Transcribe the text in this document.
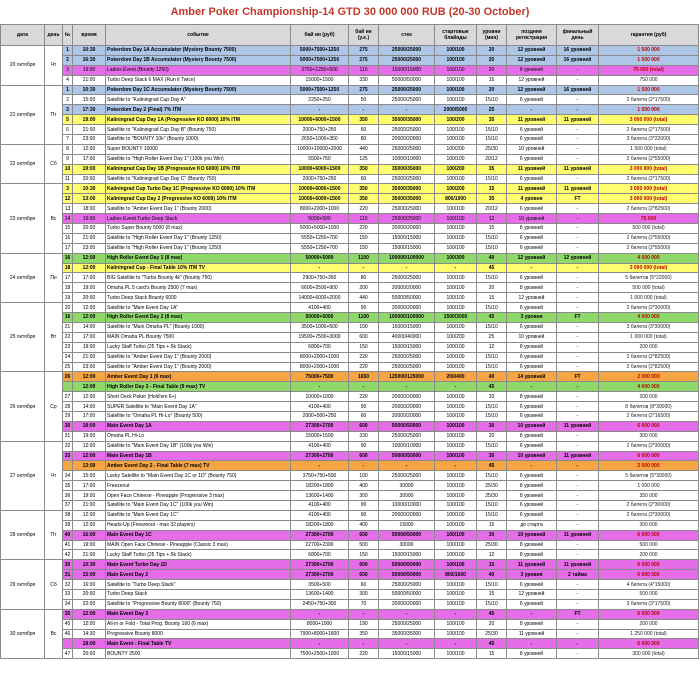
Amber Poker Championship-14 GTD 30 000 000 RUB (20-30 October)
дата	день	№	время	событие	бай ин (руб)	бай ин (у.е.)	стек	стартовые блайнды	уровни (мин)	поздняя регистрация	финальный день	гарантия (руб)
20 октября	Чт	1	10:30	Pokerdom Day 1A Accumulator (Mystery Bounty 7500)	5000+7500+1250	275	25000/25000	100/100	20	12 уровней	16 уровней	1 500 000
		2	16:30	Pokerdom Day 1B Accumulator (Mystery Bounty 7500)	5000+7500+1250	275	25000/25000	100/100	20	12 уровней	16 уровней	1 500 000
		3	19:00	Ladies Event (Bounty 1250)	3750+1250+500	110	15000/15000	100/100	20	8 уровней	-	75 000 (total)
		4	21:00	Turbo Deep Stack 6 MAX (Run it Twice)	15000+1500	330	50000/50000	100/100	15	12 уровней	-	750 000
21 октября	Пт	1	10:30	Pokerdom Day 1C Accumulator (Mystery Bounty 7500)	5000+7500+1250	275	25000/25000	100/100	20	12 уровней	16 уровней	1 500 000
		2	15:00	Satellite to "Kaliningrad Cup Day A"	2250+250	50	25000/25000	100/100	15/10	6 уровней	-	2 билета (2*17500)
		3	17:30	Pokerdom Day 2 (Final) 7% ITM	-	-	-	2000/5000	25	-	-	1 500 000
		5	19:00	Kaliningrad Cup Day 1A (Progressive KO 6000) 10% ITM	10000+6000+1500	350	35000/35000	100/200	35	11 уровней	11 уровней	3 000 000 (total)
		6	21:00	Satellite to "Kaliningrad Cup Day B" (Bounty 750)	2000+750+250	60	25000/25000	100/100	15/10	6 уровней	-	2 билета (2*17500)
		7	23:00	Satellite to "BOUNTY 10k" (Bounty 1000)	2650+1000+350	80	20000/20000	100/100	15/10	6 уровней	-	3 билета (3*22000)
22 октября	Сб	8	12:00	Super BOUNTY 10000	10000+10000+2000	440	25000/25000	100/200	25/30	10 уровней	-	1 500 000 (total)
		9	17:00	Satellite to "High Roller Event Day 1" (100k you Win)	5500+750	125	10000/10000	100/100	20/12	6 уровней	-	2 билета (2*55000)
		10	19:00	Kaliningrad Cup Day 1B (Progressive KO 6000) 10% ITM	10000+6000+1500	350	35000/35000	100/200	35	11 уровней	11 уровней	3 000 000 (total)
		11	20:00	Satellite to "Kaliningrad Cup Day C" (Bounty 750)	2000+750+250	60	25000/25000	100/100	15/10	6 уровней	-	2 билета (2*17500)
23 октября	Вс	3	10:30	Kaliningrad Cup Turbo Day 1C (Progressive KO 6000) 10% ITM	10000+6000+1500	350	35000/35000	100/200	15	11 уровней	11 уровней	3 000 000 (total)
		12	13:00	Kaliningrad Cup Day 2 (Progressive KO 6000) 10% ITM	10000+6000+1500	350	35000/35000	800/1000	35	4 уровня	FT	3 000 000 (total)
		13	18:00	Satellite to "Amber Event Day 1" (Bounty 2000)	8000+2000+1000	220	25000/25000	100/100	20/12	6 уровней	-	2 билета (2*82500)
		14	19:00	Ladies Event Turbo Deep Stack	5000+500	110	25000/25000	100/100	12	10 уровней	-	75 000
		15	20:00	Turbo Super Bounty 5000 (8 max)	5000+5000+1000	220	20000/20000	100/100	15	8 уровней	-	500 000 (total)
		16	21:00	Satellite to "High Roller Event Day 1" (Bounty 1250)	5550+1250+700	150	15000/15000	100/100	15/10	6 уровней	-	2 билета (2*55000)
		17	23:00	Satellite to "High Roller Event Day 1" (Bounty 1250)	5550+1250+700	150	15000/15000	100/100	15/10	6 уровней	-	2 билета (2*55000)
24 октября	Пн	16	12:00	High Roller Event Day 1 (8 max)	50000+5000	1100	100000/100000	100/300	40	12 уровней	12 уровней	4 000 000
		18	12:00	Kaliningrad Cup - Final Table 10% ITM TV	-	-	-	-	45	-	-	3 000 000 (total)
		17	17:00	BIG Satellite to "Turbo Bounty 4k" (Bounty 750)	2900+750+350	80	25000/25000	100/100	15/10	6 уровней	-	5 билетов (5*22000)
		18	19:00	Omaha PL 5 card's Bounty 2500 (7 max)	6600+2500+900	200	20000/20000	100/100	20	8 уровней	-	500 000 (total)
		19	20:00	Turbo Deep Stack Bounty 6000	14000+6000+2000	440	50000/50000	100/100	15	12 уровней	-	1 000 000 (total)
25 октября	Вт	20	12:00	Satellite to "Main Event Day 1A"	4100+400	90	20000/20000	100/100	15/10	6 уровней	-	2 билета (2*30000)
		16	12:00	High Roller Event Day 2 (8 max)	50000+5000	1100	100000/100000	1500/3000	45	3 уровня	FT	4 000 000
		21	14:00	Satellite to "Main Omaha PL" (Bounty 1000)	3500+1000+500	100	15000/15000	100/100	15/10	6 уровней	-	3 билета (3*30000)
		22	17:00	MAIN Omaha PL Bounty 7500	19500+7500+3000	600	40000/40000	100/200	25	10 уровней	-	1 000 000 (total)
		23	19:00	Lucky Staff Turbo (25 Tips + 5k Stack)	6800+700	150	15000/15000	100/100	12	8 уровней	-	200 000
		24	21:00	Satellite to "Amber Event Day 1" (Bounty 2000)	8000+2000+1000	220	25000/25000	100/100	15/10	6 уровней	-	2 билета (2*82500)
		25	23:00	Satellite to "Amber Event Day 1" (Bounty 2000)	8000+2000+1000	220	25000/25000	100/100	15/10	6 уровней	-	2 билета (2*82500)
26 октября	Ср	26	12:00	Amber Event Day 1 (6 max)	75000+7500	1650	125000/125000	200/400	40	14 уровней	FT	2 000 000
			12:00	High Roller Day 3 - Final Table (9 max) TV	-	-	-	-	45	-	-	4 000 000
		27	12:00	Short Deck Poker (Hold'em 6+)	10000+1000	220	20000/20000	100/100	20	8 уровней	-	200 000
		28	14:00	SUPER Satellite to "Main Event Day 1A"	4100+400	90	20000/20000	100/100	15/10	6 уровней	-	8 билетов (8*30000)
		29	17:00	Satellite to "Omaha PL Hi-Lo" (Bounty 500)	2000+500+250	60	20000/20000	100/100	15/10	6 уровней	-	2 билета (2*16500)
		30	18:00	Main Event Day 1A	27300+2700	600	50000/50000	100/100	30	10 уровней	11 уровней	6 000 000
		31	19:00	Omaha PL Hi-Lo	15000+1500	330	25000/25000	100/100	20	8 уровней	-	300 000
27 октября	Чт	32	12:00	Satellite to "Main Event Day 1B" (100k you Win)	4100+400	90	10000/10000	100/100	15/10	6 уровней	-	2 билета (2*30000)
		33	12:00	Main Event Day 1B	27300+2700	600	50000/50000	100/100	30	10 уровней	11 уровней	6 000 000
			13:00	Amber Event Day 2 - Final Table (7 max) TV	-	-	-	-	45	-	-	2 000 000
		34	15:00	Lucky Satellite to "Main Event Day 1C or 1D" (Bounty 750)	3750+750+500	100	25000/25000	100/100	15/10	6 уровней	-	5 билетов (5*30000)
		35	17:00	Freezeout	18200+1800	400	30000	100/100	25/30	8 уровней	-	1 000 000
		36	19:00	Open Face Chinese - Pineapple (Progressive 3 max)	13600+1400	300	30000	100/100	25/30	8 уровней	-	350 000
		37	21:00	Satellite to "Main Event Day 1C" (100k you Win)	4100+400	90	10000/10000	100/100	15/10	6 уровней	-	2 билета (2*30000)
28 октября	Пт	38	12:00	Satellite to "Main Event Day 1C"	4100+400	90	20000/20000	100/100	15/10	6 уровней	-	2 билета (2*30000)
		39	12:00	Heads-Up (Freezeout - max 32 players)	18200+1800	400	15000	100/100	15	до старта	-	300 000
		40	16:00	Main Event Day 1C	27300+2700	600	50000/50000	100/100	30	10 уровней	11 уровней	6 000 000
		41	19:00	MAIN Open Face Chinese - Pineapple (Classic 3 max)	22700+2300	500	30000	100/100	25/30	8 уровней	-	500 000
		42	21:00	Lucky Staff Turbo (25 Tips + 5k Stack)	6800+700	150	15000/15000	100/100	12	8 уровней	-	200 000
29 октября	Сб	30	10:30	Main Event Turbo Day 1D	27300+2700	600	50000/50000	100/100	15	11 уровней	11 уровней	6 000 000
		31	15:00	Main Event Day 2	27300+2700	600	50000/50000	800/1600	40	3 уровня	2 тайма	6 000 000
		32	16:00	Satellite to "Turbo Deep Stack"	3500+500	60	25000/25000	100/100	15/10	6 уровней	-	4 билета (4*15000)
		33	20:00	Turbo Deep Stack	13600+1400	300	50000/50000	100/100	15	12 уровней	-	500 000
		34	22:00	Satellite to "Progressive Bounty 8000" (Bounty 750)	2450+750+300	70	20000/20000	100/100	15/10	6 уровней	-	3 билета (3*17500)
30 октября	Вс	35	12:00	Main Event Day 3	-	-	-	-	45	-	FT	6 000 000
		45	12:00	All-in or Fold - Total Prog. Bounty 160 (6 max)	8000+1000	190	25000/25000	100/100	20	8 уровней	-	200 000
		46	14:30	Progressive Bounty 8000	7900+8000+1600	350	35000/35000	100/100	25/30	11 уровней	-	1 250 000 (total)
			18:00	Main Event - Final Table TV	-	-	-	-	45	-	-	6 000 000
		47	20:00	BOUNTY 2500	7500+2500+1000	220	15000/15000	100/100	15	8 уровней	-	300 000 (total)
